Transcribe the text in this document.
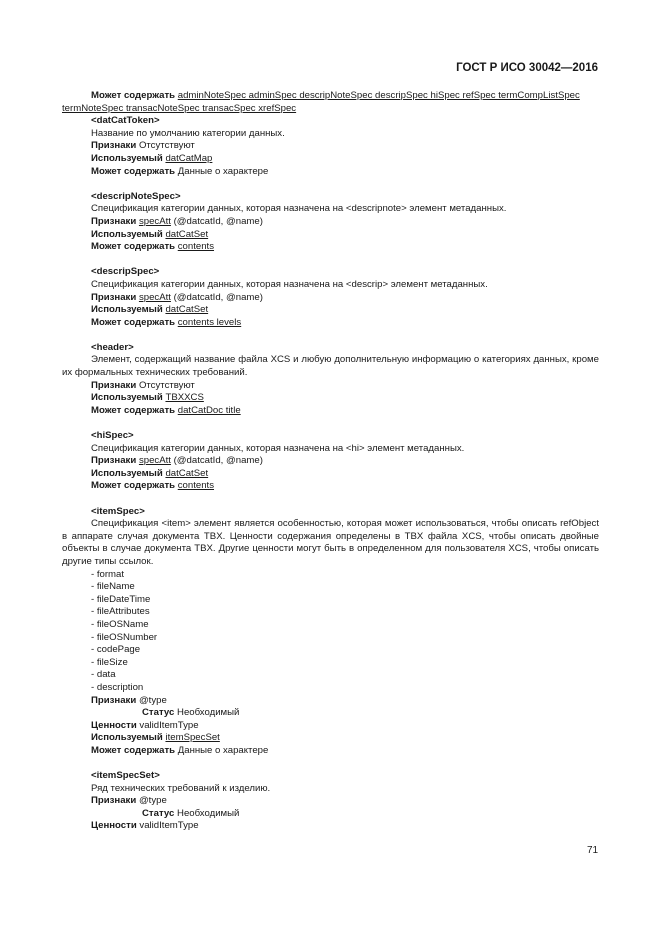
ГОСТ Р ИСО 30042—2016

Может содержать adminNoteSpec adminSpec descripNoteSpec descripSpec hiSpec refSpec termCompListSpec

termNoteSpec transacNoteSpec transacSpec xrefSpec

<datCatToken>

Название по умолчанию категории данных.

Признаки Отсутствуют

Используемый datCatMap

Может содержать Данные о характере

<descripNoteSpec>

Спецификация категории данных, которая назначена на <descripnote> элемент метаданных.

Признаки specAtt (@datcatId, @name)

Используемый datCatSet

Может содержать contents

<descripSpec>

Спецификация категории данных, которая назначена на <descrip> элемент метаданных.

Признаки specAtt (@datcatId, @name)

Используемый datCatSet

Может содержать contents levels

<header>

Элемент, содержащий название файла XCS и любую дополнительную информацию о категориях данных, кроме их формальных технических требований.

Признаки Отсутствуют

Используемый TBXXCS

Может содержать datCatDoc title

<hiSpec>

Спецификация категории данных, которая назначена на <hi> элемент метаданных.

Признаки specAtt (@datcatId, @name)

Используемый datCatSet

Может содержать contents

<itemSpec>

Спецификация <item> элемент является особенностью, которая может использоваться, чтобы описать refObject в аппарате случая документа TBX. Ценности содержания определены в TBX файла XCS, чтобы описать двойные объекты в случае документа TBX. Другие ценности могут быть в определенном для пользователя XCS, чтобы описать другие типы ссылок.

- format
- fileName
- fileDateTime
- fileAttributes
- fileOSName
- fileOSNumber
- codePage
- fileSize
- data
- description

Признаки @type

Статус Необходимый

Ценности validItemType

Используемый itemSpecSet

Может содержать Данные о характере

<itemSpecSet>

Ряд технических требований к изделию.

Признаки @type

Статус Необходимый

Ценности validItemType

71
